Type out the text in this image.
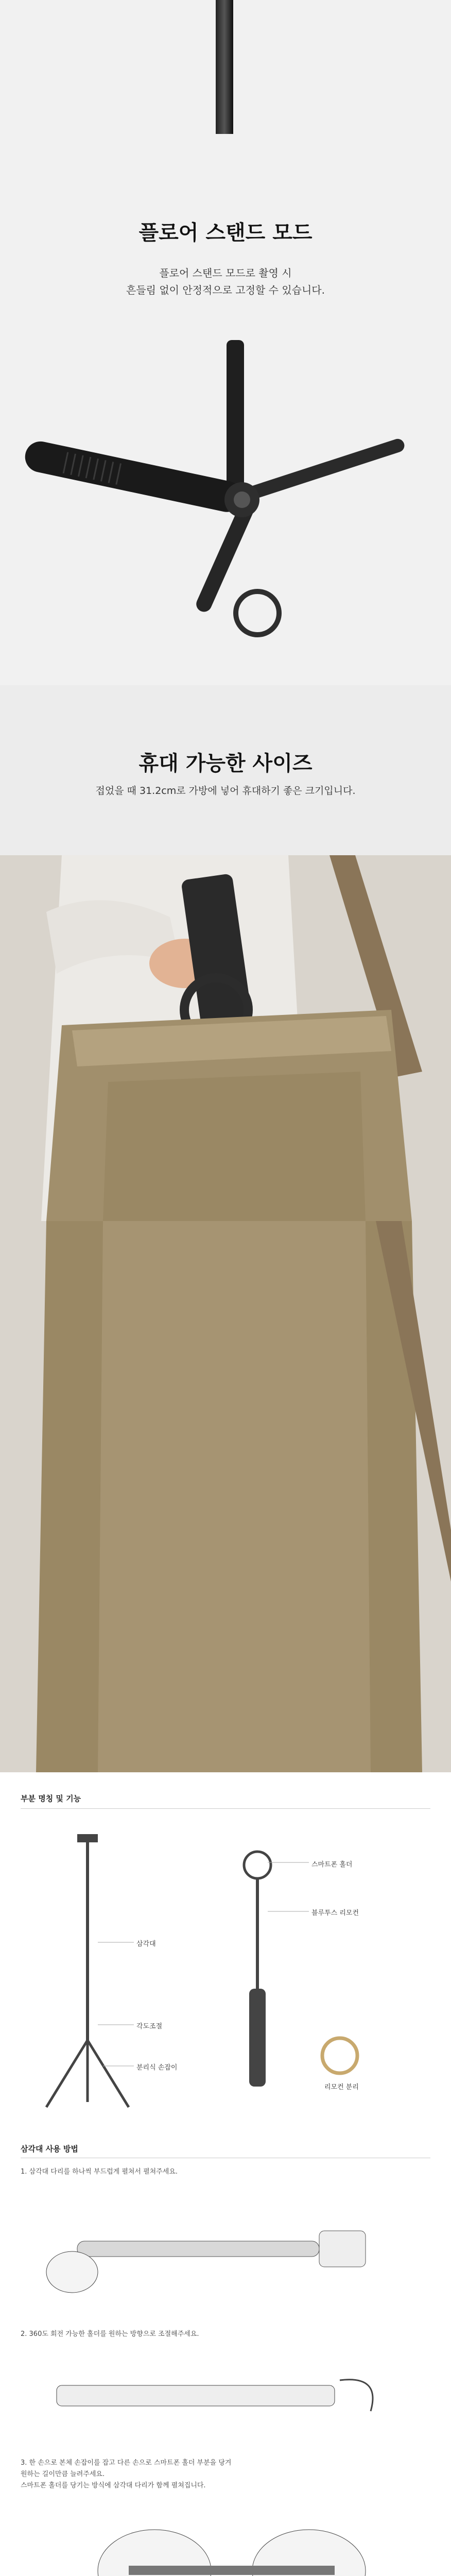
플로어 스탠드 모드
플로어 스탠드 모드로 촬영 시
흔들림 없이 안정적으로 고정할 수 있습니다.
휴대 가능한 사이즈
접었을 때 31.2cm로 가방에 넣어 휴대하기 좋은 크기입니다.
부분 명칭 및 기능
스마트폰 홀더
블루투스 리모컨
삼각대
각도조절
분리식 손잡이
리모컨 분리
삼각대 사용 방법
1. 삼각대 다리를 하나씩 부드럽게 펼쳐서 펼쳐주세요.
2. 360도 회전 가능한 홀더를 원하는 방향으로 조절해주세요.
3. 한 손으로 본체 손잡이를 잡고 다른 손으로 스마트폰 홀더 부분을 당겨
원하는 길이만큼 늘려주세요.
스마트폰 홀더를 당기는 방식에 삼각대 다리가 함께 펼쳐집니다.
